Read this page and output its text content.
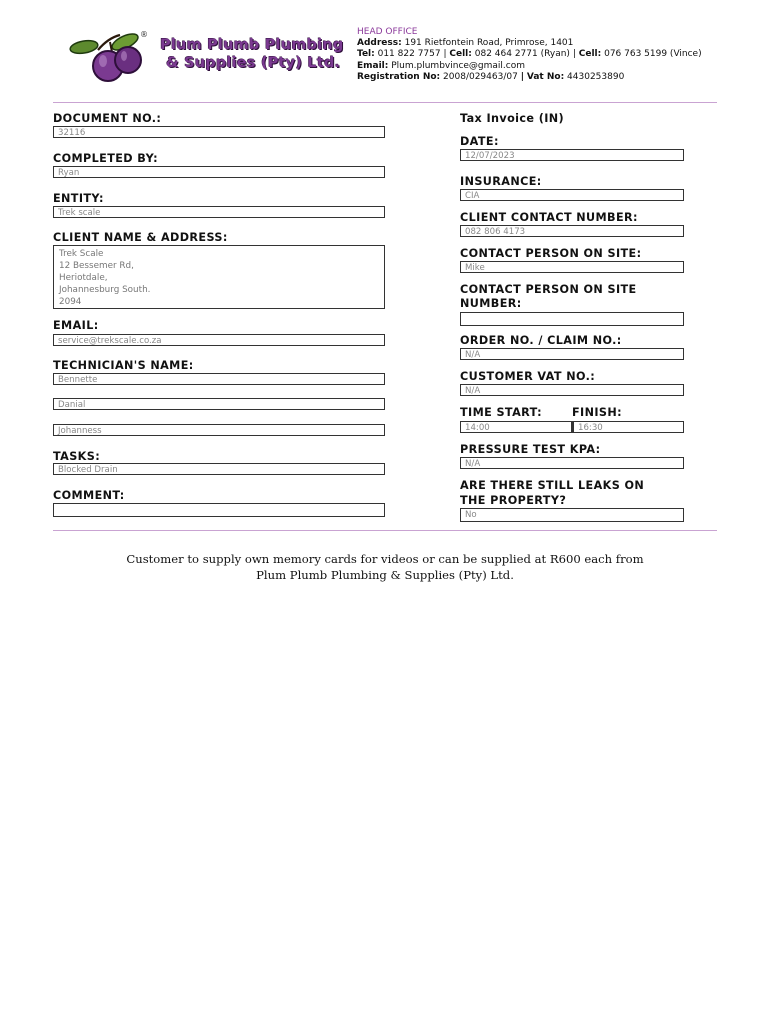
®
Plum Plumb Plumbing
& Supplies (Pty) Ltd.
HEAD OFFICE
Address: 191 Rietfontein Road, Primrose, 1401
Tel: 011 822 7757 | Cell: 082 464 2771 (Ryan) | Cell: 076 763 5199 (Vince)
Email: Plum.plumbvince@gmail.com
Registration No: 2008/029463/07 | Vat No: 4430253890
DOCUMENT NO.:
32116
COMPLETED BY:
Ryan
ENTITY:
Trek scale
CLIENT NAME & ADDRESS:
Trek Scale
12 Bessemer Rd,
Heriotdale,
Johannesburg South.
2094
EMAIL:
service@trekscale.co.za
TECHNICIAN'S NAME:
Bennette
Danial
Johanness
TASKS:
Blocked Drain
COMMENT:
Tax Invoice (IN)
DATE:
12/07/2023
INSURANCE:
CIA
CLIENT CONTACT NUMBER:
082 806 4173
CONTACT PERSON ON SITE:
Mike
CONTACT PERSON ON SITE
NUMBER:
ORDER NO. / CLAIM NO.:
N/A
CUSTOMER VAT NO.:
N/A
TIME START:	FINISH:
14:00	16:30
PRESSURE TEST KPA:
N/A
ARE THERE STILL LEAKS ON
THE PROPERTY?
No
Customer to supply own memory cards for videos or can be supplied at R600 each from
Plum Plumb Plumbing & Supplies (Pty) Ltd.
